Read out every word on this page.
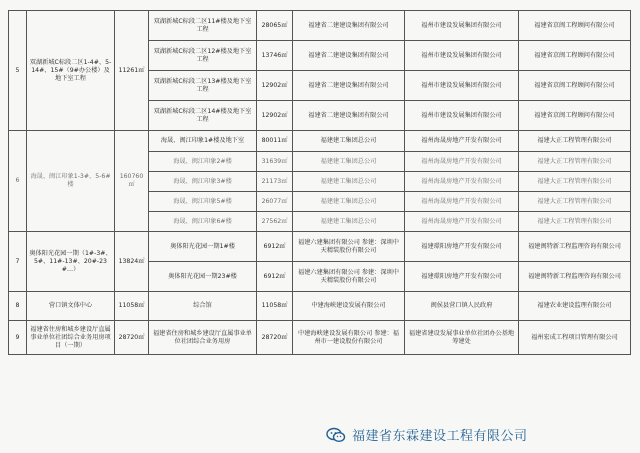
5	双湖新城C标段二区1-4#、5-14#、15#（9#办公楼）及地下室工程	11261㎡	双湖新城C标段二区11#楼及地下室工程	28065㎡	福建省二建建设集团有限公司	福州市建设发展集团有限公司	福建省京闽工程顾问有限公司
			双湖新城C标段二区12#楼及地下室工程	13746㎡	福建省二建建设集团有限公司	福州市建设发展集团有限公司	福建省京闽工程顾问有限公司
			双湖新城C标段二区13#楼及地下室工程	12902㎡	福建省二建建设集团有限公司	福州市建设发展集团有限公司	福建省京闽工程顾问有限公司
			双湖新城C标段二区14#楼及地下室工程	12902㎡	福建省二建建设集团有限公司	福州市建设发展集团有限公司	福建省京闽工程顾问有限公司
6	海晟、闽江印象1-3#、5-6#楼	160760㎡	海晟、闽江印象1#楼及地下室	80011㎡	福建建工集团总公司	福州海晟房地产开发有限公司	福建大正工程管理有限公司
			海晟、闽江印象2#楼	31639㎡	福建建工集团总公司	福州海晟房地产开发有限公司	福建大正工程管理有限公司
			海晟、闽江印象3#楼	21173㎡	福建建工集团总公司	福州海晟房地产开发有限公司	福建大正工程管理有限公司
			海晟、闽江印象5#楼	26077㎡	福建建工集团总公司	福州海晟房地产开发有限公司	福建大正工程管理有限公司
			海晟、闽江印象6#楼	27562㎡	福建建工集团总公司	福州海晟房地产开发有限公司	福建大正工程管理有限公司
7	奥体阳光花园一期（1#-3#、5#、11#-13#、20#-23#…）	13824㎡	奥体阳光花园一期1#楼	6912㎡	福建六建集团有限公司 参建：深圳中天精装股份有限公司	福建璟阳房地产开发有限公司	福建闽特新工程监理咨询有限公司
			奥体阳光花园一期23#楼	6912㎡	福建六建集团有限公司 参建：深圳中天精装股份有限公司	福建璟阳房地产开发有限公司	福建闽特新工程监理咨询有限公司
8	营口镇文体中心	11058㎡	综合馆	11058㎡	中建海峡建设发展有限公司	闽侯县营口镇人民政府	福建农业建设监理有限公司
9	福建省住房和城乡建设厅直属事业单位社团综合业务用房项目（一期）	28720㎡	福建省住房和城乡建设厅直属事业单位社团综合业务用房	28720㎡	中建海峡建设发展有限公司 参建：福州市一建设股份有限公司	福建省建设发展事业单位社团办公基地筹建处	福州宏成工程项目管理有限公司
福建省东霖建设工程有限公司
